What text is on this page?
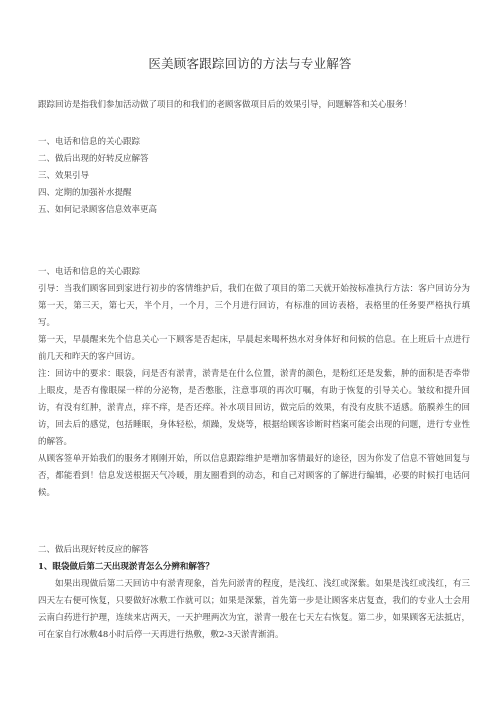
医美顾客跟踪回访的方法与专业解答
跟踪回访是指我们参加活动做了项目的和我们的老顾客做项目后的效果引导，问题解答和关心服务！
一、电话和信息的关心跟踪
二、做后出现的好转反应解答
三、效果引导
四、定期的加强补水提醒
五、如何记录顾客信息效率更高

一、电话和信息的关心跟踪

引导：当我们顾客回到家进行初步的客情维护后，我们在做了项目的第二天就开始按标准执行方法：客户回访分为第一天，第三天，第七天，半个月，一个月，三个月进行回访，有标准的回访表格，表格里的任务要严格执行填写。

第一天，早晨醒来先个信息关心一下顾客是否起床，早晨起来喝杯热水对身体好和问候的信息。在上班后十点进行前几天和昨天的客户回访。

注：回访中的要求：眼袋，问是否有淤青，淤青是在什么位置，淤青的颜色，是粉红还是发紫，肿的面积是否牵带上眼皮，是否有像眼屎一样的分泌物，是否憋胀，注意事项的再次叮嘱，有助于恢复的引导关心。皱纹和提升回访，有没有红肿，淤青点，痒不痒，是否还痒。补水项目回访，做完后的效果，有没有皮肤不适感。筋膜养生的回访，回去后的感觉，包括睡眠，身体轻松，烦躁，发烧等，根据给顾客诊断时档案可能会出现的问题，进行专业性的解答。

从顾客签单开始我们的服务才刚刚开始，所以信息跟踪维护是增加客情最好的途径，因为你发了信息不管她回复与否，都能看到！信息发送根据天气冷暖，朋友圈看到的动态，和自己对顾客的了解进行编辑，必要的时候打电话问候。

二、做后出现好转反应的解答

1、眼袋做后第二天出现淤青怎么分辨和解答？

如果出现做后第二天回访中有淤青现象，首先问淤青的程度，是浅红、浅红或深紫。如果是浅红或浅红，有三四天左右便可恢复，只要做好冰敷工作就可以；如果是深紫，首先第一步是让顾客来店复查，我们的专业人士会用云南白药进行护理，连续来店两天，一天护理两次为宜，淤青一般在七天左右恢复。第二步，如果顾客无法抵店，可在家自行冰敷48小时后停一天再进行热敷，敷2-3天淤青渐消。
